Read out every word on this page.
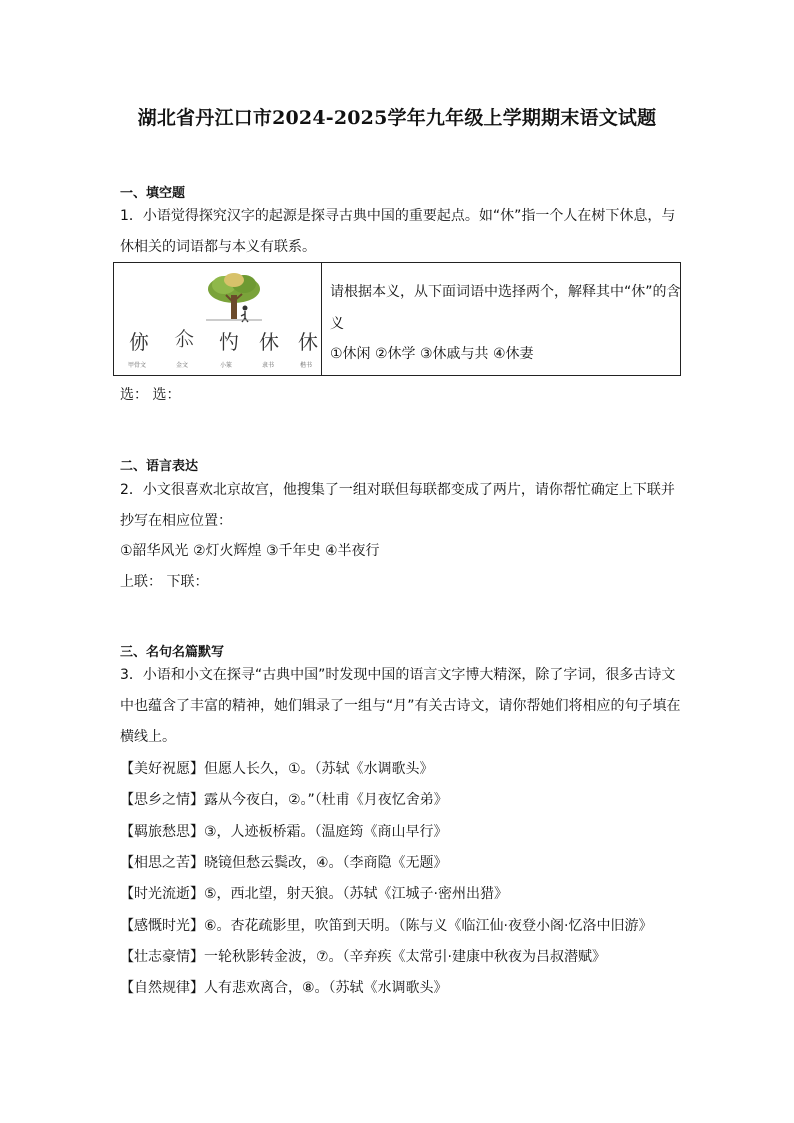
湖北省丹江口市2024-2025学年九年级上学期期末语文试题
一、填空题
1．小语觉得探究汉字的起源是探寻古典中国的重要起点。如“休”指一个人在树下休息，与
休相关的词语都与本义有联系。
㑊 𠇍 㣿 休 休
甲骨文	金文	小篆	隶书	楷书
请根据本义，从下面词语中选择两个，解释其中“休”的含
义
①休闲 ②休学 ③休戚与共 ④休妻
选： 选：
二、语言表达
2．小文很喜欢北京故宫，他搜集了一组对联但每联都变成了两片，请你帮忙确定上下联并
抄写在相应位置：
①韶华风光 ②灯火辉煌 ③千年史 ④半夜行
上联： 下联：
三、名句名篇默写
3．小语和小文在探寻“古典中国”时发现中国的语言文字博大精深，除了字词，很多古诗文
中也蕴含了丰富的精神，她们辑录了一组与“月”有关古诗文，请你帮她们将相应的句子填在
横线上。
【美好祝愿】但愿人长久，①。（苏轼《水调歌头》
【思乡之情】露从今夜白，②。”（杜甫《月夜忆舍弟》
【羁旅愁思】③，人迹板桥霜。（温庭筠《商山早行》
【相思之苦】晓镜但愁云鬓改，④。（李商隐《无题》
【时光流逝】⑤，西北望，射天狼。（苏轼《江城子·密州出猎》
【感慨时光】⑥。杏花疏影里，吹笛到天明。（陈与义《临江仙·夜登小阁·忆洛中旧游》
【壮志豪情】一轮秋影转金波，⑦。（辛弃疾《太常引·建康中秋夜为吕叔潜赋》
【自然规律】人有悲欢离合，⑧。（苏轼《水调歌头》
